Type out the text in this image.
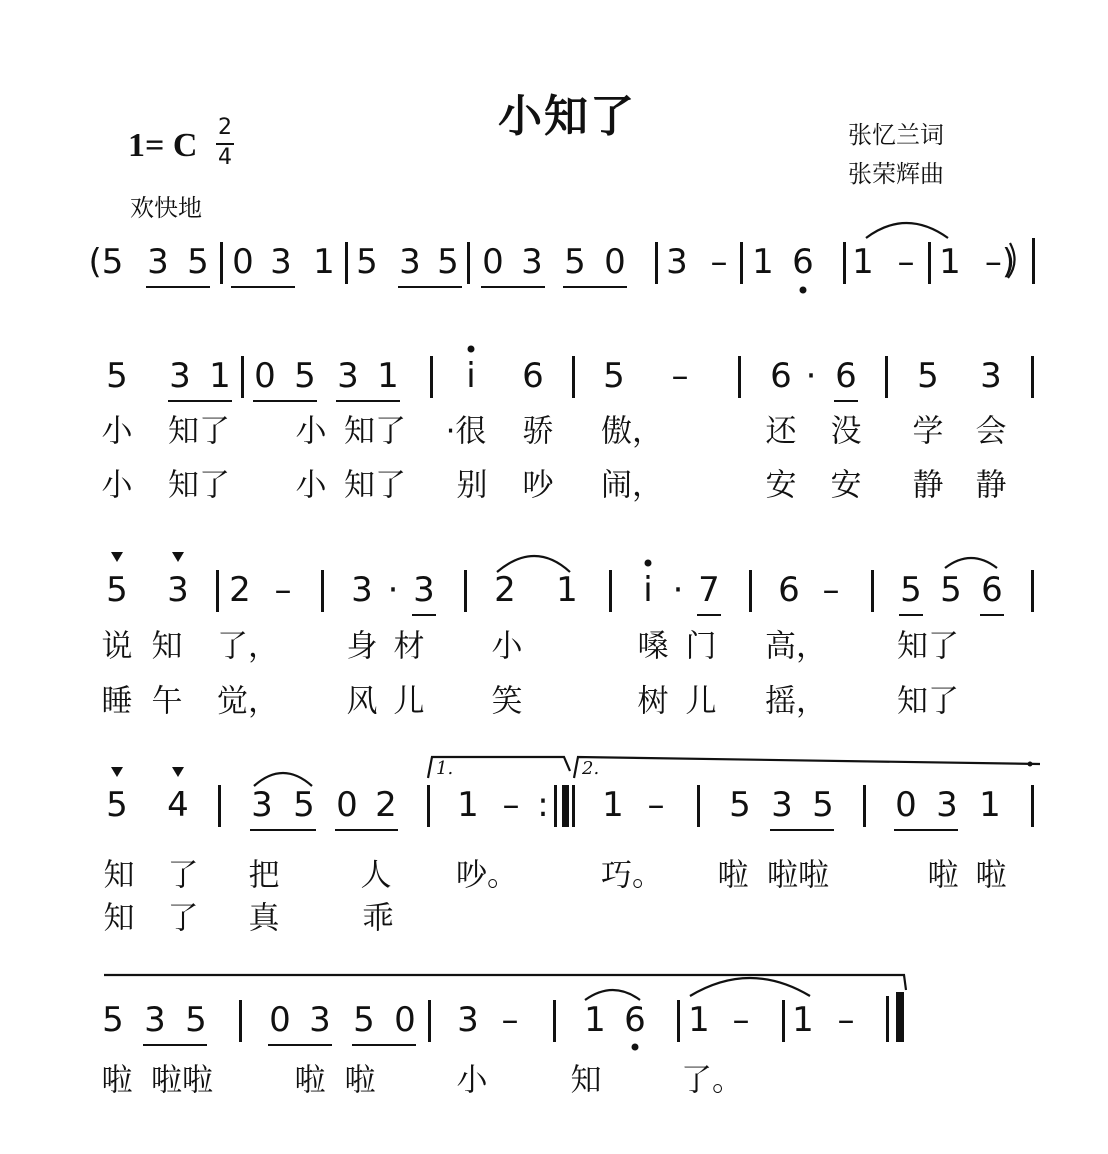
小知了
1= C 2
4
欢快地
张忆兰词
张荣辉曲
(5 3 5 0 3 1 5 3 5 0 3 5 0 3 – 1 6 1 – 1 –)
5 3 1 0 5 3 1 i 6 5 – 6 · 6 5 3
小 知了 小 知了 ·很 骄 傲，	还 没 学 会
小 知了 小 知了 别 吵 闹，	安 安 静 静
5 3 2 – 3 · 3 2 1 i · 7 6 – 5 5 6
说 知 了， 身 材 小	嗓 门 高， 知了
睡 午 觉， 风 儿 笑	树 儿 摇， 知了
5 4 3 5 0 2 1 – : 1 – 5 3 5 0 3 1
1.	2.
知 了 把	人 吵。	巧。 啦 啦啦	啦 啦
知 了 真	乖
5 3 5 0 3 5 0 3 – 1 6 1 – 1 –
啦 啦啦	啦 啦	小	知	了。
